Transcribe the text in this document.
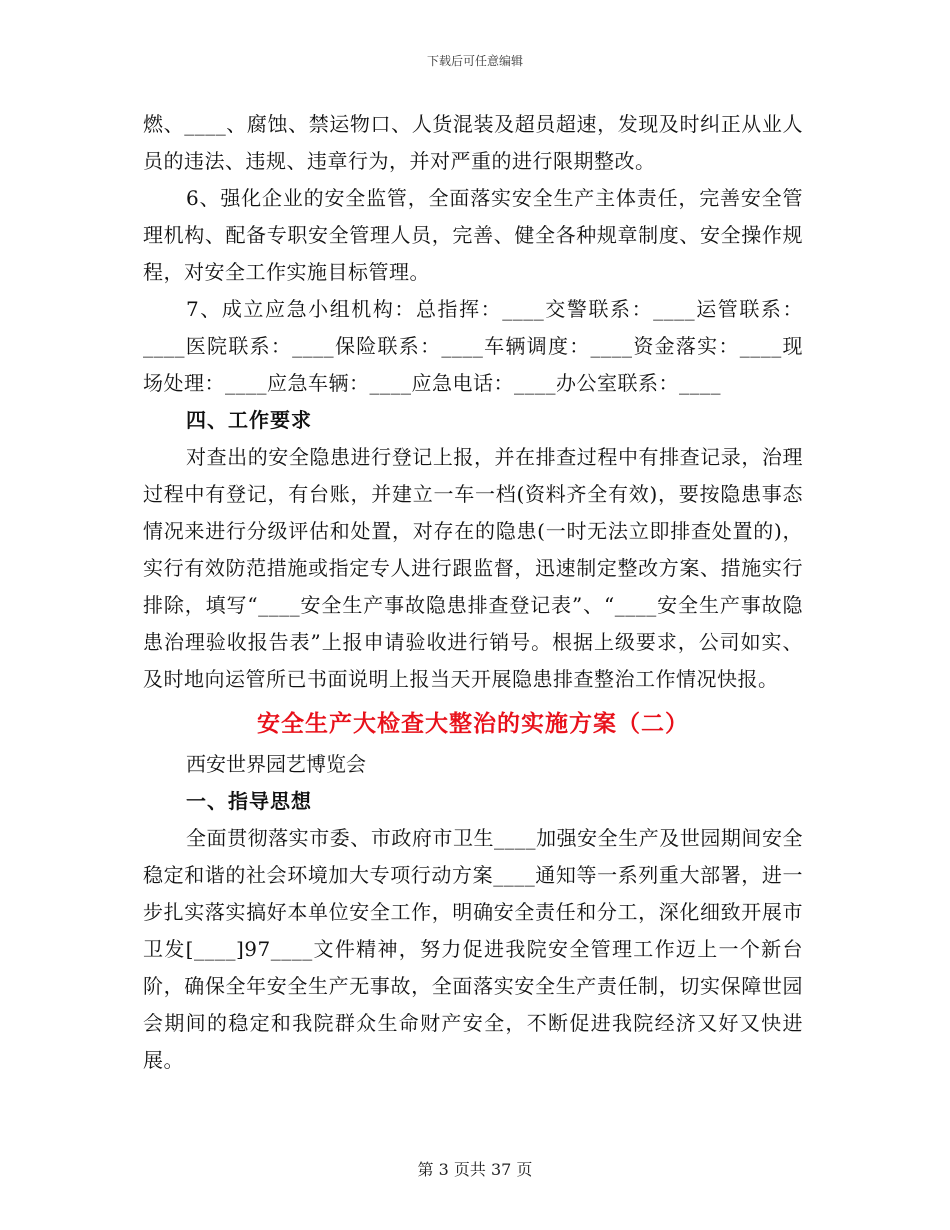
下载后可任意编辑

燃、____、腐蚀、禁运物口、人货混装及超员超速，发现及时纠正从业人员的违法、违规、违章行为，并对严重的进行限期整改。

6、强化企业的安全监管，全面落实安全生产主体责任，完善安全管理机构、配备专职安全管理人员，完善、健全各种规章制度、安全操作规程，对安全工作实施目标管理。

7、成立应急小组机构：总指挥：____交警联系：____运管联系：____医院联系：____保险联系：____车辆调度：____资金落实：____现场处理：____应急车辆：____应急电话：____办公室联系：____

四、工作要求

对查出的安全隐患进行登记上报，并在排查过程中有排查记录，治理过程中有登记，有台账，并建立一车一档(资料齐全有效)，要按隐患事态情况来进行分级评估和处置，对存在的隐患(一时无法立即排查处置的)，实行有效防范措施或指定专人进行跟监督，迅速制定整改方案、措施实行排除，填写“____安全生产事故隐患排查登记表”、“____安全生产事故隐患治理验收报告表”上报申请验收进行销号。根据上级要求，公司如实、及时地向运管所已书面说明上报当天开展隐患排查整治工作情况快报。

安全生产大检查大整治的实施方案（二）

西安世界园艺博览会

一、指导思想

全面贯彻落实市委、市政府市卫生____加强安全生产及世园期间安全稳定和谐的社会环境加大专项行动方案____通知等一系列重大部署，进一步扎实落实搞好本单位安全工作，明确安全责任和分工，深化细致开展市卫发[____]97____文件精神，努力促进我院安全管理工作迈上一个新台阶，确保全年安全生产无事故，全面落实安全生产责任制，切实保障世园会期间的稳定和我院群众生命财产安全，不断促进我院经济又好又快进展。

第 3 页共 37 页
